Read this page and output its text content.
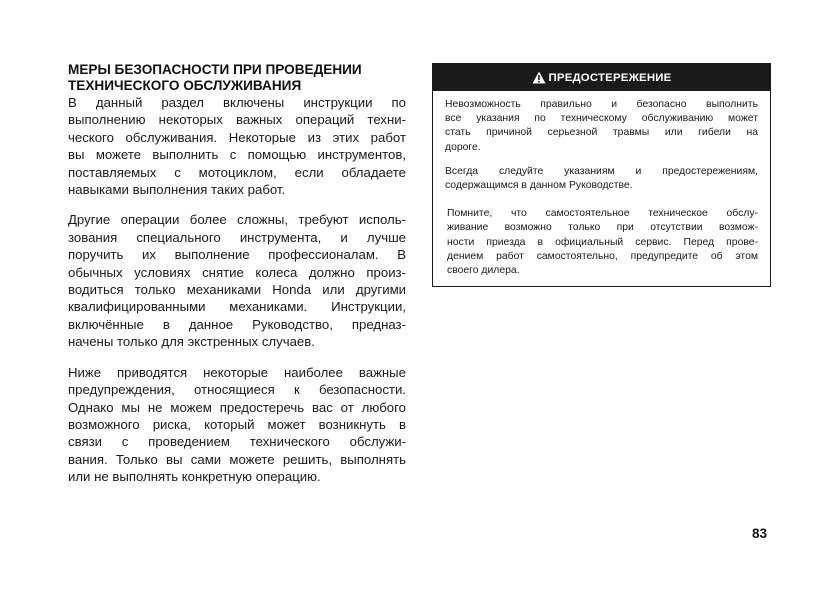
МЕРЫ БЕЗОПАСНОСТИ ПРИ ПРОВЕДЕНИИ
ТЕХНИЧЕСКОГО ОБСЛУЖИВАНИЯ

В данный раздел включены инструкции по
выполнению некоторых важных операций техни-
ческого обслуживания. Некоторые из этих работ
вы можете выполнить с помощью инструментов,
поставляемых с мотоциклом, если обладаете
навыками выполнения таких работ.

Другие операции более сложны, требуют исполь-
зования специального инструмента, и лучше
поручить их выполнение профессионалам. В
обычных условиях снятие колеса должно произ-
водиться только механиками Honda или другими
квалифицированными механиками. Инструкции,
включённые в данное Руководство, предназ-
начены только для экстренных случаев.

Ниже приводятся некоторые наиболее важные
предупреждения, относящиеся к безопасности.
Однако мы не можем предостеречь вас от любого
возможного риска, который может возникнуть в
связи с проведением технического обслужи-
вания. Только вы сами можете решить, выполнять
или не выполнять конкретную операцию.

ПРЕДОСТЕРЕЖЕНИЕ

Невозможность правильно и безопасно выполнить
все указания по техническому обслуживанию может
стать причиной серьезной травмы или гибели на
дороге.

Всегда следуйте указаниям и предостережениям,
содержащимся в данном Руководстве.

Помните, что самостоятельное техническое обслу-
живание возможно только при отсутствии возмож-
ности приезда в официальный сервис. Перед прове-
дением работ самостоятельно, предупредите об этом
своего дилера.

83
